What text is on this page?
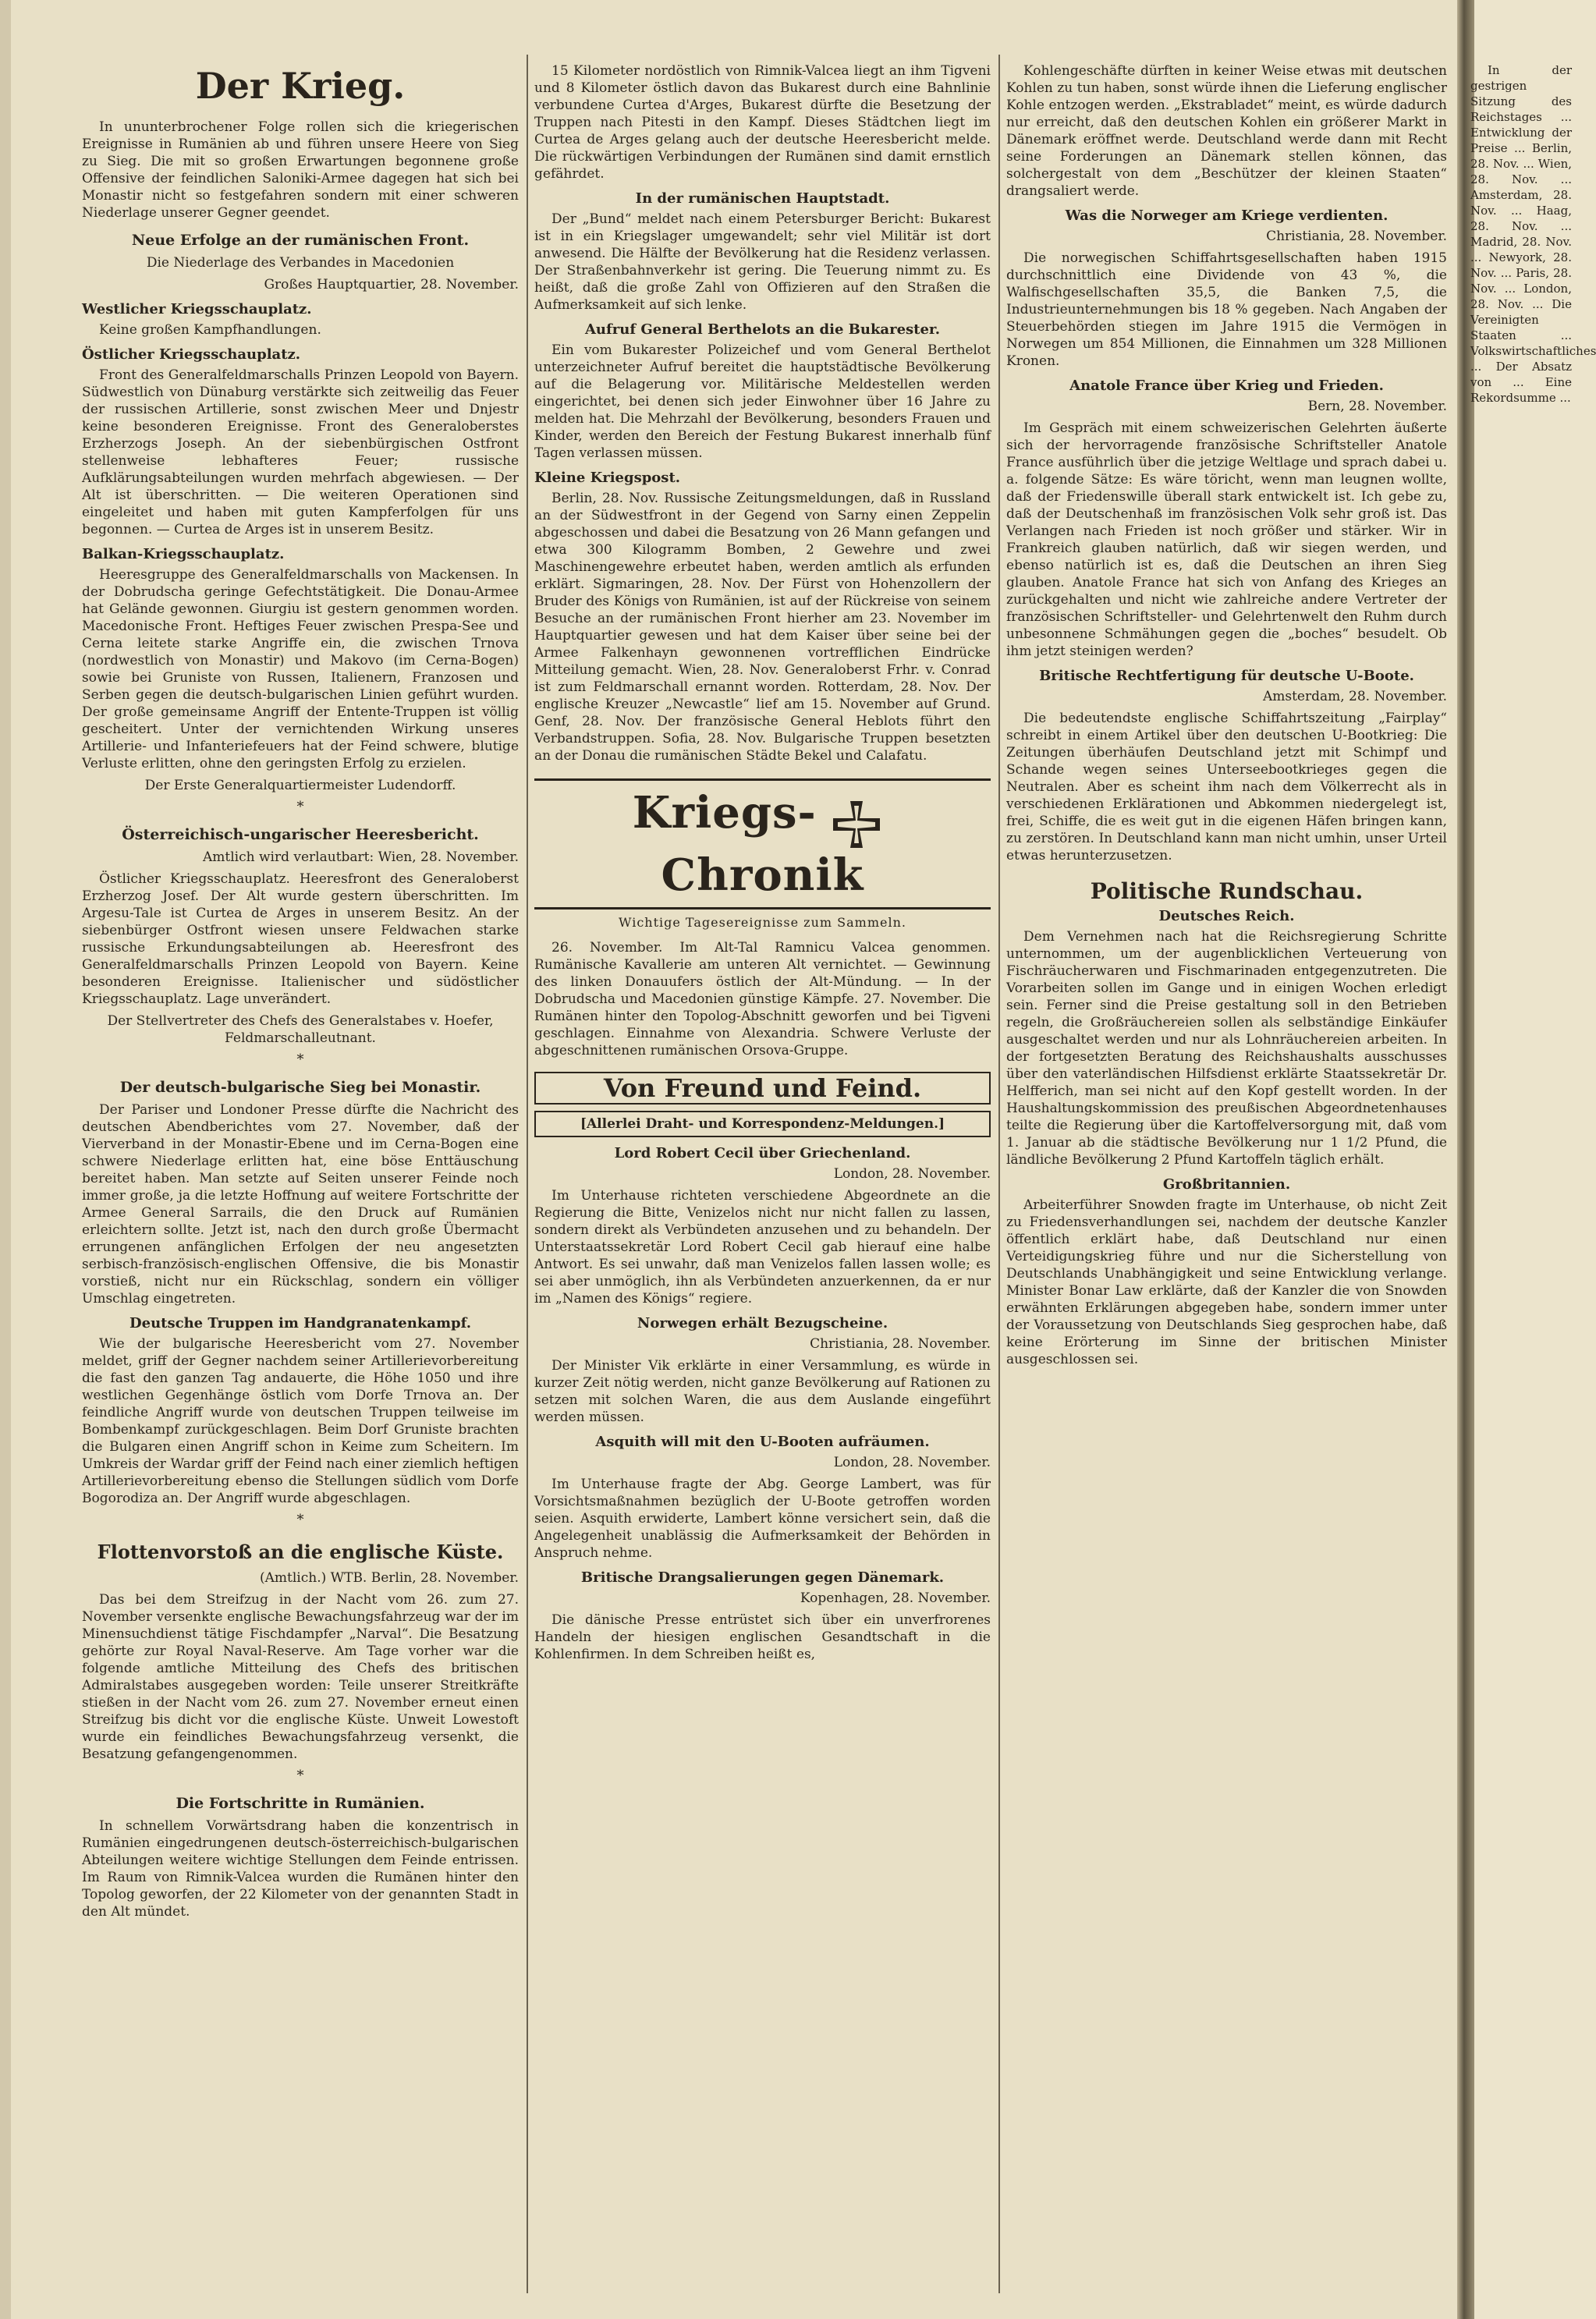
Der Krieg.

In ununterbrochener Folge rollen sich die kriegerischen Ereignisse in Rumänien ab und führen unsere Heere von Sieg zu Sieg. Die mit so großen Erwartungen begonnene große Offensive der feindlichen Saloniki-Armee dagegen hat sich bei Monastir nicht so festgefahren sondern mit einer schweren Niederlage unserer Gegner geendet.

Neue Erfolge an der rumänischen Front.
Die Niederlage des Verbandes in Macedonien
Großes Hauptquartier, 28. November.
Westlicher Kriegsschauplatz.

Keine großen Kampfhandlungen.

Östlicher Kriegsschauplatz.

Front des Generalfeldmarschalls Prinzen Leopold von Bayern. Südwestlich von Dünaburg verstärkte sich zeitweilig das Feuer der russischen Artillerie, sonst zwischen Meer und Dnjestr keine besonderen Ereignisse. Front des Generaloberstes Erzherzogs Joseph. An der siebenbürgischen Ostfront stellenweise lebhafteres Feuer; russische Aufklärungsabteilungen wurden mehrfach abgewiesen. — Der Alt ist überschritten. — Die weiteren Operationen sind eingeleitet und haben mit guten Kampferfolgen für uns begonnen. — Curtea de Arges ist in unserem Besitz.

Balkan-Kriegsschauplatz.

Heeresgruppe des Generalfeldmarschalls von Mackensen. In der Dobrudscha geringe Gefechtstätigkeit. Die Donau-Armee hat Gelände gewonnen. Giurgiu ist gestern genommen worden. Macedonische Front. Heftiges Feuer zwischen Prespa-See und Cerna leitete starke Angriffe ein, die zwischen Trnova (nordwestlich von Monastir) und Makovo (im Cerna-Bogen) sowie bei Gruniste von Russen, Italienern, Franzosen und Serben gegen die deutsch-bulgarischen Linien geführt wurden. Der große gemeinsame Angriff der Entente-Truppen ist völlig gescheitert. Unter der vernichtenden Wirkung unseres Artillerie- und Infanteriefeuers hat der Feind schwere, blutige Verluste erlitten, ohne den geringsten Erfolg zu erzielen.

Der Erste Generalquartiermeister Ludendorff.
*
Österreichisch-ungarischer Heeresbericht.
Amtlich wird verlautbart: Wien, 28. November.

Östlicher Kriegsschauplatz. Heeresfront des Generaloberst Erzherzog Josef. Der Alt wurde gestern überschritten. Im Argesu-Tale ist Curtea de Arges in unserem Besitz. An der siebenbürger Ostfront wiesen unsere Feldwachen starke russische Erkundungsabteilungen ab. Heeresfront des Generalfeldmarschalls Prinzen Leopold von Bayern. Keine besonderen Ereignisse. Italienischer und südöstlicher Kriegsschauplatz. Lage unverändert.

Der Stellvertreter des Chefs des Generalstabes v. Hoefer, Feldmarschalleutnant.
*
Der deutsch-bulgarische Sieg bei Monastir.

Der Pariser und Londoner Presse dürfte die Nachricht des deutschen Abendberichtes vom 27. November, daß der Vierverband in der Monastir-Ebene und im Cerna-Bogen eine schwere Niederlage erlitten hat, eine böse Enttäuschung bereitet haben. Man setzte auf Seiten unserer Feinde noch immer große, ja die letzte Hoffnung auf weitere Fortschritte der Armee General Sarrails, die den Druck auf Rumänien erleichtern sollte. Jetzt ist, nach den durch große Übermacht errungenen anfänglichen Erfolgen der neu angesetzten serbisch-französisch-englischen Offensive, die bis Monastir vorstieß, nicht nur ein Rückschlag, sondern ein völliger Umschlag eingetreten.

Deutsche Truppen im Handgranatenkampf.

Wie der bulgarische Heeresbericht vom 27. November meldet, griff der Gegner nachdem seiner Artillerievorbereitung die fast den ganzen Tag andauerte, die Höhe 1050 und ihre westlichen Gegenhänge östlich vom Dorfe Trnova an. Der feindliche Angriff wurde von deutschen Truppen teilweise im Bombenkampf zurückgeschlagen. Beim Dorf Gruniste brachten die Bulgaren einen Angriff schon in Keime zum Scheitern. Im Umkreis der Wardar griff der Feind nach einer ziemlich heftigen Artillerievorbereitung ebenso die Stellungen südlich vom Dorfe Bogorodiza an. Der Angriff wurde abgeschlagen.

*
Flottenvorstoß an die englische Küste.
(Amtlich.) WTB. Berlin, 28. November.

Das bei dem Streifzug in der Nacht vom 26. zum 27. November versenkte englische Bewachungsfahrzeug war der im Minensuchdienst tätige Fischdampfer „Narval“. Die Besatzung gehörte zur Royal Naval-Reserve. Am Tage vorher war die folgende amtliche Mitteilung des Chefs des britischen Admiralstabes ausgegeben worden: Teile unserer Streitkräfte stießen in der Nacht vom 26. zum 27. November erneut einen Streifzug bis dicht vor die englische Küste. Unweit Lowestoft wurde ein feindliches Bewachungsfahrzeug versenkt, die Besatzung gefangengenommen.

*
Die Fortschritte in Rumänien.

In schnellem Vorwärtsdrang haben die konzentrisch in Rumänien eingedrungenen deutsch-österreichisch-bulgarischen Abteilungen weitere wichtige Stellungen dem Feinde entrissen. Im Raum von Rimnik-Valcea wurden die Rumänen hinter den Topolog geworfen, der 22 Kilometer von der genannten Stadt in den Alt mündet.

15 Kilometer nordöstlich von Rimnik-Valcea liegt an ihm Tigveni und 8 Kilometer östlich davon das Bukarest durch eine Bahnlinie verbundene Curtea d'Arges, Bukarest dürfte die Besetzung der Truppen nach Pitesti in den Kampf. Dieses Städtchen liegt im Curtea de Arges gelang auch der deutsche Heeresbericht melde. Die rückwärtigen Verbindungen der Rumänen sind damit ernstlich gefährdet.

In der rumänischen Hauptstadt.

Der „Bund“ meldet nach einem Petersburger Bericht: Bukarest ist in ein Kriegslager umgewandelt; sehr viel Militär ist dort anwesend. Die Hälfte der Bevölkerung hat die Residenz verlassen. Der Straßenbahnverkehr ist gering. Die Teuerung nimmt zu. Es heißt, daß die große Zahl von Offizieren auf den Straßen die Aufmerksamkeit auf sich lenke.

Aufruf General Berthelots an die Bukarester.

Ein vom Bukarester Polizeichef und vom General Berthelot unterzeichneter Aufruf bereitet die hauptstädtische Bevölkerung auf die Belagerung vor. Militärische Meldestellen werden eingerichtet, bei denen sich jeder Einwohner über 16 Jahre zu melden hat. Die Mehrzahl der Bevölkerung, besonders Frauen und Kinder, werden den Bereich der Festung Bukarest innerhalb fünf Tagen verlassen müssen.

Kleine Kriegspost.

Berlin, 28. Nov. Russische Zeitungsmeldungen, daß in Russland an der Südwestfront in der Gegend von Sarny einen Zeppelin abgeschossen und dabei die Besatzung von 26 Mann gefangen und etwa 300 Kilogramm Bomben, 2 Gewehre und zwei Maschinengewehre erbeutet haben, werden amtlich als erfunden erklärt. Sigmaringen, 28. Nov. Der Fürst von Hohenzollern der Bruder des Königs von Rumänien, ist auf der Rückreise von seinem Besuche an der rumänischen Front hierher am 23. November im Hauptquartier gewesen und hat dem Kaiser über seine bei der Armee Falkenhayn gewonnenen vortrefflichen Eindrücke Mitteilung gemacht. Wien, 28. Nov. Generaloberst Frhr. v. Conrad ist zum Feldmarschall ernannt worden. Rotterdam, 28. Nov. Der englische Kreuzer „Newcastle“ lief am 15. November auf Grund. Genf, 28. Nov. Der französische General Heblots führt den Verbandstruppen. Sofia, 28. Nov. Bulgarische Truppen besetzten an der Donau die rumänischen Städte Bekel und Calafatu.

Kriegs-  Chronik
Wichtige Tagesereignisse zum Sammeln.

26. November. Im Alt-Tal Ramnicu Valcea genommen. Rumänische Kavallerie am unteren Alt vernichtet. — Gewinnung des linken Donauufers östlich der Alt-Mündung. — In der Dobrudscha und Macedonien günstige Kämpfe. 27. November. Die Rumänen hinter den Topolog-Abschnitt geworfen und bei Tigveni geschlagen. Einnahme von Alexandria. Schwere Verluste der abgeschnittenen rumänischen Orsova-Gruppe.

Von Freund und Feind.
[Allerlei Draht- und Korrespondenz-Meldungen.]
Lord Robert Cecil über Griechenland.
London, 28. November.

Im Unterhause richteten verschiedene Abgeordnete an die Regierung die Bitte, Venizelos nicht nur nicht fallen zu lassen, sondern direkt als Verbündeten anzusehen und zu behandeln. Der Unterstaatssekretär Lord Robert Cecil gab hierauf eine halbe Antwort. Es sei unwahr, daß man Venizelos fallen lassen wolle; es sei aber unmöglich, ihn als Verbündeten anzuerkennen, da er nur im „Namen des Königs“ regiere.

Norwegen erhält Bezugscheine.
Christiania, 28. November.

Der Minister Vik erklärte in einer Versammlung, es würde in kurzer Zeit nötig werden, nicht ganze Bevölkerung auf Rationen zu setzen mit solchen Waren, die aus dem Auslande eingeführt werden müssen.

Asquith will mit den U-Booten aufräumen.
London, 28. November.

Im Unterhause fragte der Abg. George Lambert, was für Vorsichtsmaßnahmen bezüglich der U-Boote getroffen worden seien. Asquith erwiderte, Lambert könne versichert sein, daß die Angelegenheit unablässig die Aufmerksamkeit der Behörden in Anspruch nehme.

Britische Drangsalierungen gegen Dänemark.
Kopenhagen, 28. November.

Die dänische Presse entrüstet sich über ein unverfrorenes Handeln der hiesigen englischen Gesandtschaft in die Kohlenfirmen. In dem Schreiben heißt es,

Kohlengeschäfte dürften in keiner Weise etwas mit deutschen Kohlen zu tun haben, sonst würde ihnen die Lieferung englischer Kohle entzogen werden. „Ekstrabladet“ meint, es würde dadurch nur erreicht, daß den deutschen Kohlen ein größerer Markt in Dänemark eröffnet werde. Deutschland werde dann mit Recht seine Forderungen an Dänemark stellen können, das solchergestalt von dem „Beschützer der kleinen Staaten“ drangsaliert werde.

Was die Norweger am Kriege verdienten.
Christiania, 28. November.

Die norwegischen Schiffahrtsgesellschaften haben 1915 durchschnittlich eine Dividende von 43 %, die Walfischgesellschaften 35,5, die Banken 7,5, die Industrieunternehmungen bis 18 % gegeben. Nach Angaben der Steuerbehörden stiegen im Jahre 1915 die Vermögen in Norwegen um 854 Millionen, die Einnahmen um 328 Millionen Kronen.

Anatole France über Krieg und Frieden.
Bern, 28. November.

Im Gespräch mit einem schweizerischen Gelehrten äußerte sich der hervorragende französische Schriftsteller Anatole France ausführlich über die jetzige Weltlage und sprach dabei u. a. folgende Sätze: Es wäre töricht, wenn man leugnen wollte, daß der Friedenswille überall stark entwickelt ist. Ich gebe zu, daß der Deutschenhaß im französischen Volk sehr groß ist. Das Verlangen nach Frieden ist noch größer und stärker. Wir in Frankreich glauben natürlich, daß wir siegen werden, und ebenso natürlich ist es, daß die Deutschen an ihren Sieg glauben. Anatole France hat sich von Anfang des Krieges an zurückgehalten und nicht wie zahlreiche andere Vertreter der französischen Schriftsteller- und Gelehrtenwelt den Ruhm durch unbesonnene Schmähungen gegen die „boches“ besudelt. Ob ihm jetzt steinigen werden?

Britische Rechtfertigung für deutsche U-Boote.
Amsterdam, 28. November.

Die bedeutendste englische Schiffahrtszeitung „Fairplay“ schreibt in einem Artikel über den deutschen U-Bootkrieg: Die Zeitungen überhäufen Deutschland jetzt mit Schimpf und Schande wegen seines Unterseebootkrieges gegen die Neutralen. Aber es scheint ihm nach dem Völkerrecht als in verschiedenen Erklärationen und Abkommen niedergelegt ist, frei, Schiffe, die es weit gut in die eigenen Häfen bringen kann, zu zerstören. In Deutschland kann man nicht umhin, unser Urteil etwas herunterzusetzen.

Politische Rundschau.
Deutsches Reich.

Dem Vernehmen nach hat die Reichsregierung Schritte unternommen, um der augenblicklichen Verteuerung von Fischräucherwaren und Fischmarinaden entgegenzutreten. Die Vorarbeiten sollen im Gange und in einigen Wochen erledigt sein. Ferner sind die Preise gestaltung soll in den Betrieben regeln, die Großräuchereien sollen als selbständige Einkäufer ausgeschaltet werden und nur als Lohnräuchereien arbeiten. In der fortgesetzten Beratung des Reichshaushalts ausschusses über den vaterländischen Hilfsdienst erklärte Staatssekretär Dr. Helfferich, man sei nicht auf den Kopf gestellt worden. In der Haushaltungskommission des preußischen Abgeordnetenhauses teilte die Regierung über die Kartoffelversorgung mit, daß vom 1. Januar ab die städtische Bevölkerung nur 1 1/2 Pfund, die ländliche Bevölkerung 2 Pfund Kartoffeln täglich erhält.

Großbritannien.

Arbeiterführer Snowden fragte im Unterhause, ob nicht Zeit zu Friedensverhandlungen sei, nachdem der deutsche Kanzler öffentlich erklärt habe, daß Deutschland nur einen Verteidigungskrieg führe und nur die Sicherstellung von Deutschlands Unabhängigkeit und seine Entwicklung verlange. Minister Bonar Law erklärte, daß der Kanzler die von Snowden erwähnten Erklärungen abgegeben habe, sondern immer unter der Voraussetzung von Deutschlands Sieg gesprochen habe, daß keine Erörterung im Sinne der britischen Minister ausgeschlossen sei.

In der gestrigen Sitzung des Reichstages ... Entwicklung der Preise ... Berlin, 28. Nov. ... Wien, 28. Nov. ... Amsterdam, 28. Nov. ... Haag, 28. Nov. ... Madrid, 28. Nov. ... Newyork, 28. Nov. ... Paris, 28. Nov. ... London, 28. Nov. ... Die Vereinigten Staaten ... Volkswirtschaftliches ... Der Absatz von ... Eine Rekordsumme ...
